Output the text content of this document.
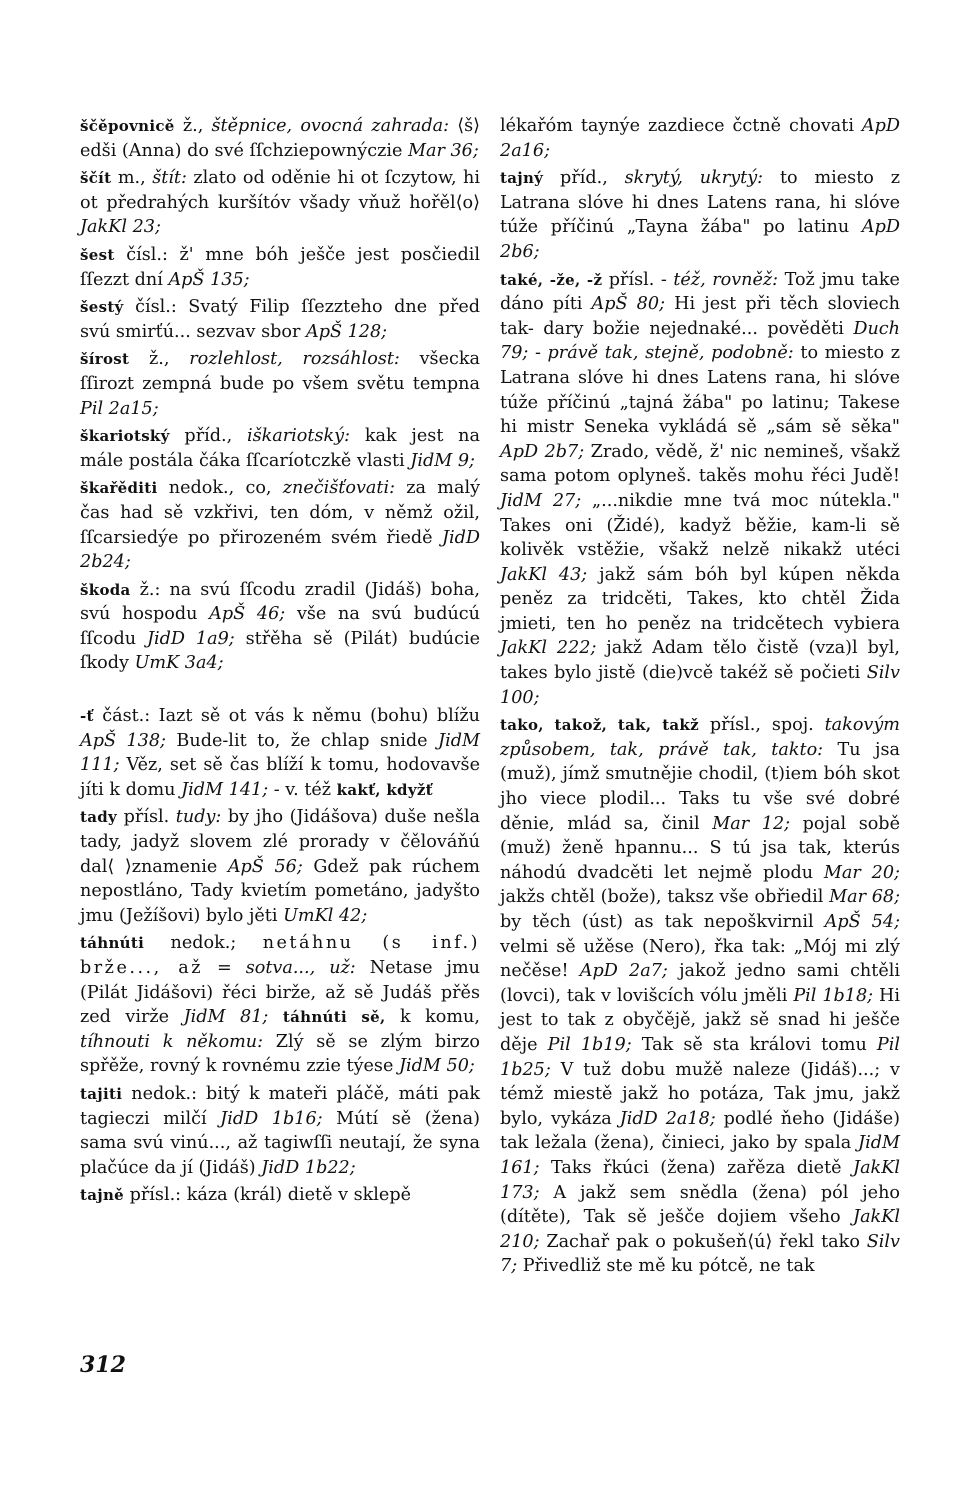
ščěpovnicě ž., štěpnice, ovocná zahrada: ⟨š⟩edši (Anna) do své ſſchziepownýczie Mar 36;

ščít m., štít: zlato od oděnie hi ot ſczytow, hi ot předrahých kuršítóv všady vňuž hořěl⟨o⟩ JakKl 23;

šest čísl.: ž' mne bóh ješče jest posčiedil ſſezzt dní ApŠ 135;

šestý čísl.: Svatý Filip ſſezzteho dne před svú smirťú... sezvav sbor ApŠ 128;

šírost ž., rozlehlost, rozsáhlost: všecka ſſirozt zempná bude po všem světu tempna Pil 2a15;

škariotský příd., iškariotský: kak jest na mále postála čáka ſſcaríotczkě vlasti JidM 9;

škařěditi nedok., co, znečišťovati: za malý čas had sě vzkřivi, ten dóm, v němž ožil, ſſcarsiedýe po přirozeném svém řiedě JidD 2b24;

škoda ž.: na svú ſſcodu zradil (Jidáš) boha, svú hospodu ApŠ 46; vše na svú budúcú ſſcodu JidD 1a9; střěha sě (Pilát) budúcie ſkody UmK 3a4;

-ť část.: Iazt sě ot vás k němu (bohu) blížu ApŠ 138; Bude-lit to, že chlap snide JidM 111; Věz, set sě čas blíží k tomu, hodovavše jíti k domu JidM 141; - v. též kakť, kdyžť

tady přísl. tudy: by jho (Jidášova) duše nešla tady, jadyž slovem zlé prorady v čělováňú dal⟨ ⟩znamenie ApŠ 56; Gdež pak rúchem nepostláno, Tady kvietím pometáno, jadyšto jmu (Ježíšovi) bylo jěti UmKl 42;

táhnúti nedok.; netáhnu (s inf.) brže..., až = sotva..., už: Netase jmu (Pilát Jidášovi) řéci birže, až sě Judáš přěs zed virže JidM 81; táhnúti sě, k komu, tíhnouti k někomu: Zlý sě se zlým birzo spřěže, rovný k rovnému zzie týese JidM 50;

tajiti nedok.: bitý k mateři pláčě, máti pak tagieczi milčí JidD 1b16; Mútí sě (žena) sama svú vinú..., až tagiwſſi neutají, že syna plačúce da jí (Jidáš) JidD 1b22;

tajně přísl.: káza (král) dietě v sklepě

lékařóm taynýe zazdiece čctně chovati ApD 2a16;

tajný příd., skrytý, ukrytý: to miesto z Latrana slóve hi dnes Latens rana, hi slóve túže příčinú „Tayna žába" po latinu ApD 2b6;

také, -že, -ž přísl. - též, rovněž: Tož jmu take dáno píti ApŠ 80; Hi jest při těch sloviech tak- dary božie nejednaké... pověděti Duch 79; - právě tak, stejně, podobně: to miesto z Latrana slóve hi dnes Latens rana, hi slóve túže příčinú „tajná žába" po latinu; Takese hi mistr Seneka vykládá sě „sám sě sěka" ApD 2b7; Zrado, vědě, ž' nic nemineš, všakž sama potom oplyneš. takěs mohu řéci Judě! JidM 27; „...nikdie mne tvá moc nútekla." Takes oni (Židé), kadyž běžie, kam-li sě kolivěk vstěžie, všakž nelzě nikakž utéci JakKl 43; jakž sám bóh byl kúpen někda peněz za tridcěti, Takes, kto chtěl Žida jmieti, ten ho peněz na tridcětech vybiera JakKl 222; jakž Adam tělo čistě (vza)l byl, takes bylo jistě (die)vcě takéž sě počieti Silv 100;

tako, takož, tak, takž přísl., spoj. takovým způsobem, tak, právě tak, takto: Tu jsa (muž), jímž smutnějie chodil, (t)iem bóh skot jho viece plodil... Taks tu vše své dobré děnie, mlád sa, činil Mar 12; pojal sobě (muž) ženě hpannu... S tú jsa tak, kterús náhodú dvadcěti let nejmě plodu Mar 20; jakžs chtěl (bože), taksz vše obřiedil Mar 68; by těch (úst) as tak nepoškvirnil ApŠ 54; velmi sě užěse (Nero), řka tak: „Mój mi zlý nečěse! ApD 2a7; jakož jedno sami chtěli (lovci), tak v lovišcích vólu jměli Pil 1b18; Hi jest to tak z obyčějě, jakž sě snad hi ješče děje Pil 1b19; Tak sě sta královi tomu Pil 1b25; V tuž dobu mužě naleze (Jidáš)...; v témž miestě jakž ho potáza, Tak jmu, jakž bylo, vykáza JidD 2a18; podlé ňeho (Jidáše) tak ležala (žena), činieci, jako by spala JidM 161; Taks řkúci (žena) zařěza dietě JakKl 173; A jakž sem snědla (žena) pól jeho (dítěte), Tak sě ješče dojiem všeho JakKl 210; Zachař pak o pokušeň⟨ú⟩ řekl tako Silv 7; Přivedliž ste mě ku pótcě, ne tak

312
